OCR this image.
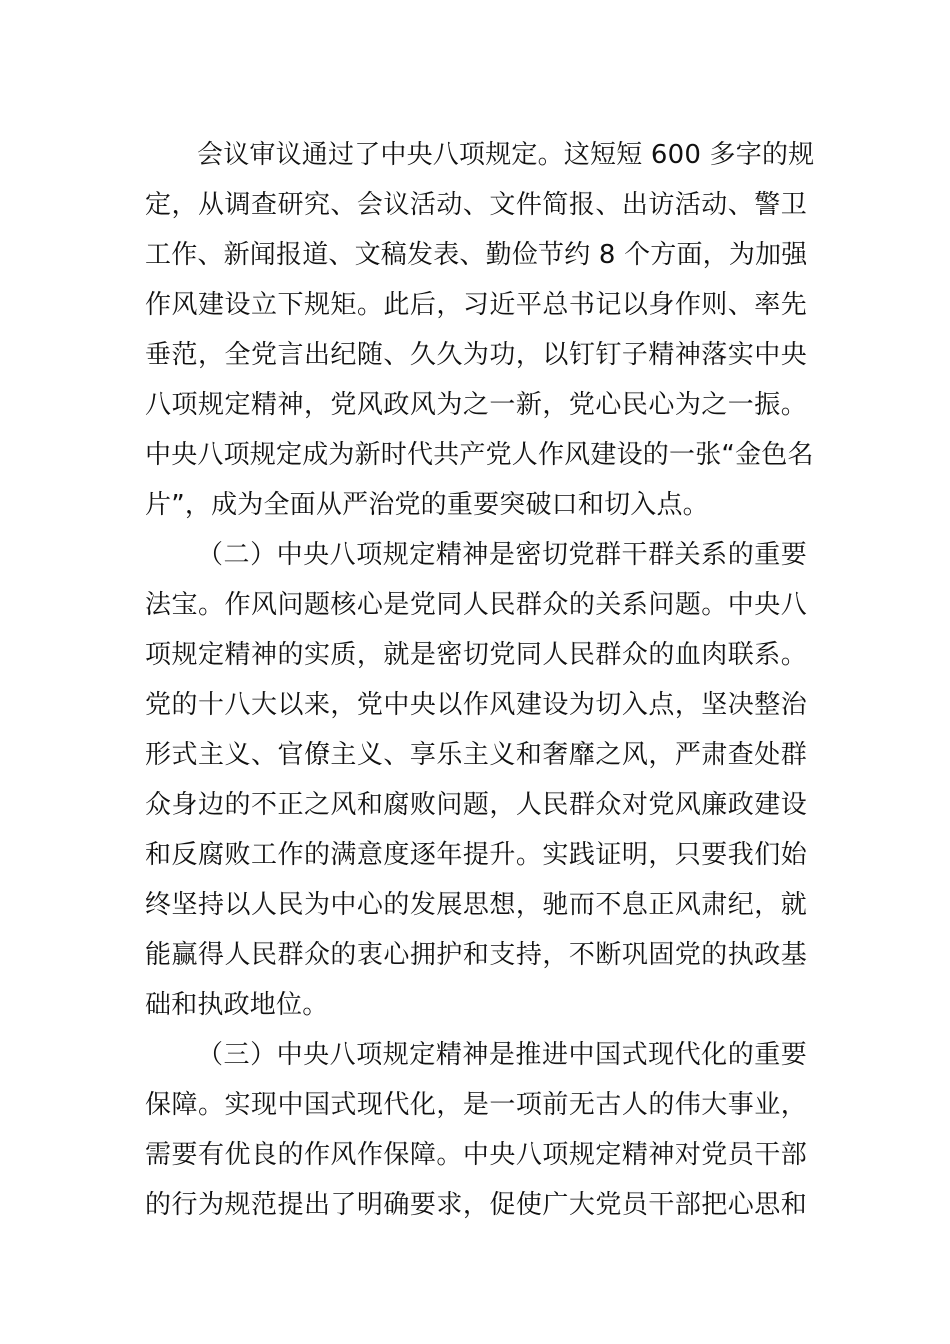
会议审议通过了中央八项规定。这短短 600 多字的规
定，从调查研究、会议活动、文件简报、出访活动、警卫
工作、新闻报道、文稿发表、勤俭节约 8 个方面，为加强
作风建设立下规矩。此后，习近平总书记以身作则、率先
垂范，全党言出纪随、久久为功，以钉钉子精神落实中央
八项规定精神，党风政风为之一新，党心民心为之一振。
中央八项规定成为新时代共产党人作风建设的一张“金色名
片”，成为全面从严治党的重要突破口和切入点。
（二）中央八项规定精神是密切党群干群关系的重要
法宝。作风问题核心是党同人民群众的关系问题。中央八
项规定精神的实质，就是密切党同人民群众的血肉联系。
党的十八大以来，党中央以作风建设为切入点，坚决整治
形式主义、官僚主义、享乐主义和奢靡之风，严肃查处群
众身边的不正之风和腐败问题，人民群众对党风廉政建设
和反腐败工作的满意度逐年提升。实践证明，只要我们始
终坚持以人民为中心的发展思想，驰而不息正风肃纪，就
能赢得人民群众的衷心拥护和支持，不断巩固党的执政基
础和执政地位。
（三）中央八项规定精神是推进中国式现代化的重要
保障。实现中国式现代化，是一项前无古人的伟大事业，
需要有优良的作风作保障。中央八项规定精神对党员干部
的行为规范提出了明确要求，促使广大党员干部把心思和
